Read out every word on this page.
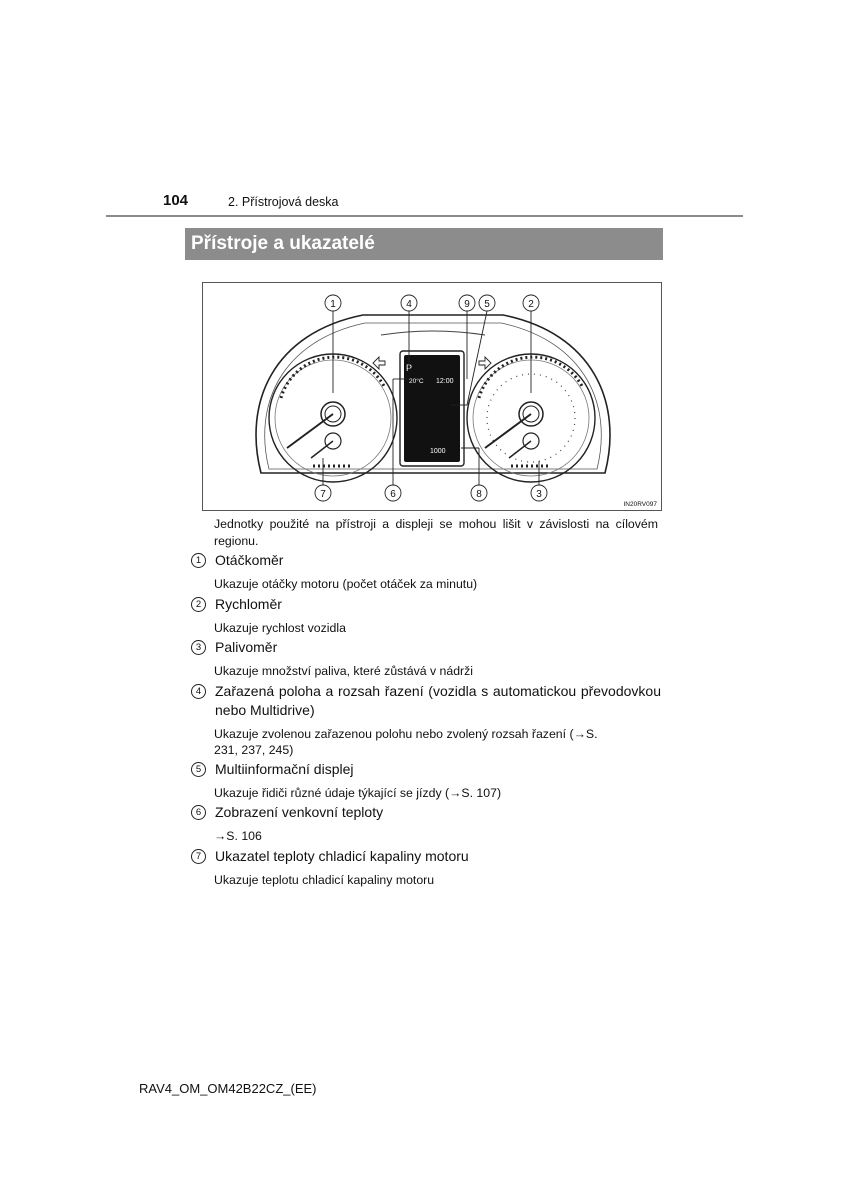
104	2. Přístrojová deska
Přístroje a ukazatelé
P
20°C 12:00
1000
1	4	9 5	2
7	6	8	3
IN20RV097
Jednotky použité na přístroji a displeji se mohou lišit v závislosti na cílovém regionu.
1 Otáčkoměr
Ukazuje otáčky motoru (počet otáček za minutu)
2 Rychloměr
Ukazuje rychlost vozidla
3 Palivoměr
Ukazuje množství paliva, které zůstává v nádrži
4 Zařazená poloha a rozsah řazení (vozidla s automatickou převodovkou nebo Multidrive)
Ukazuje zvolenou zařazenou polohu nebo zvolený rozsah řazení (→S. 231, 237, 245)
5 Multiinformační displej
Ukazuje řidiči různé údaje týkající se jízdy (→S. 107)
6 Zobrazení venkovní teploty
→S. 106
7 Ukazatel teploty chladicí kapaliny motoru
Ukazuje teplotu chladicí kapaliny motoru
RAV4_OM_OM42B22CZ_(EE)
